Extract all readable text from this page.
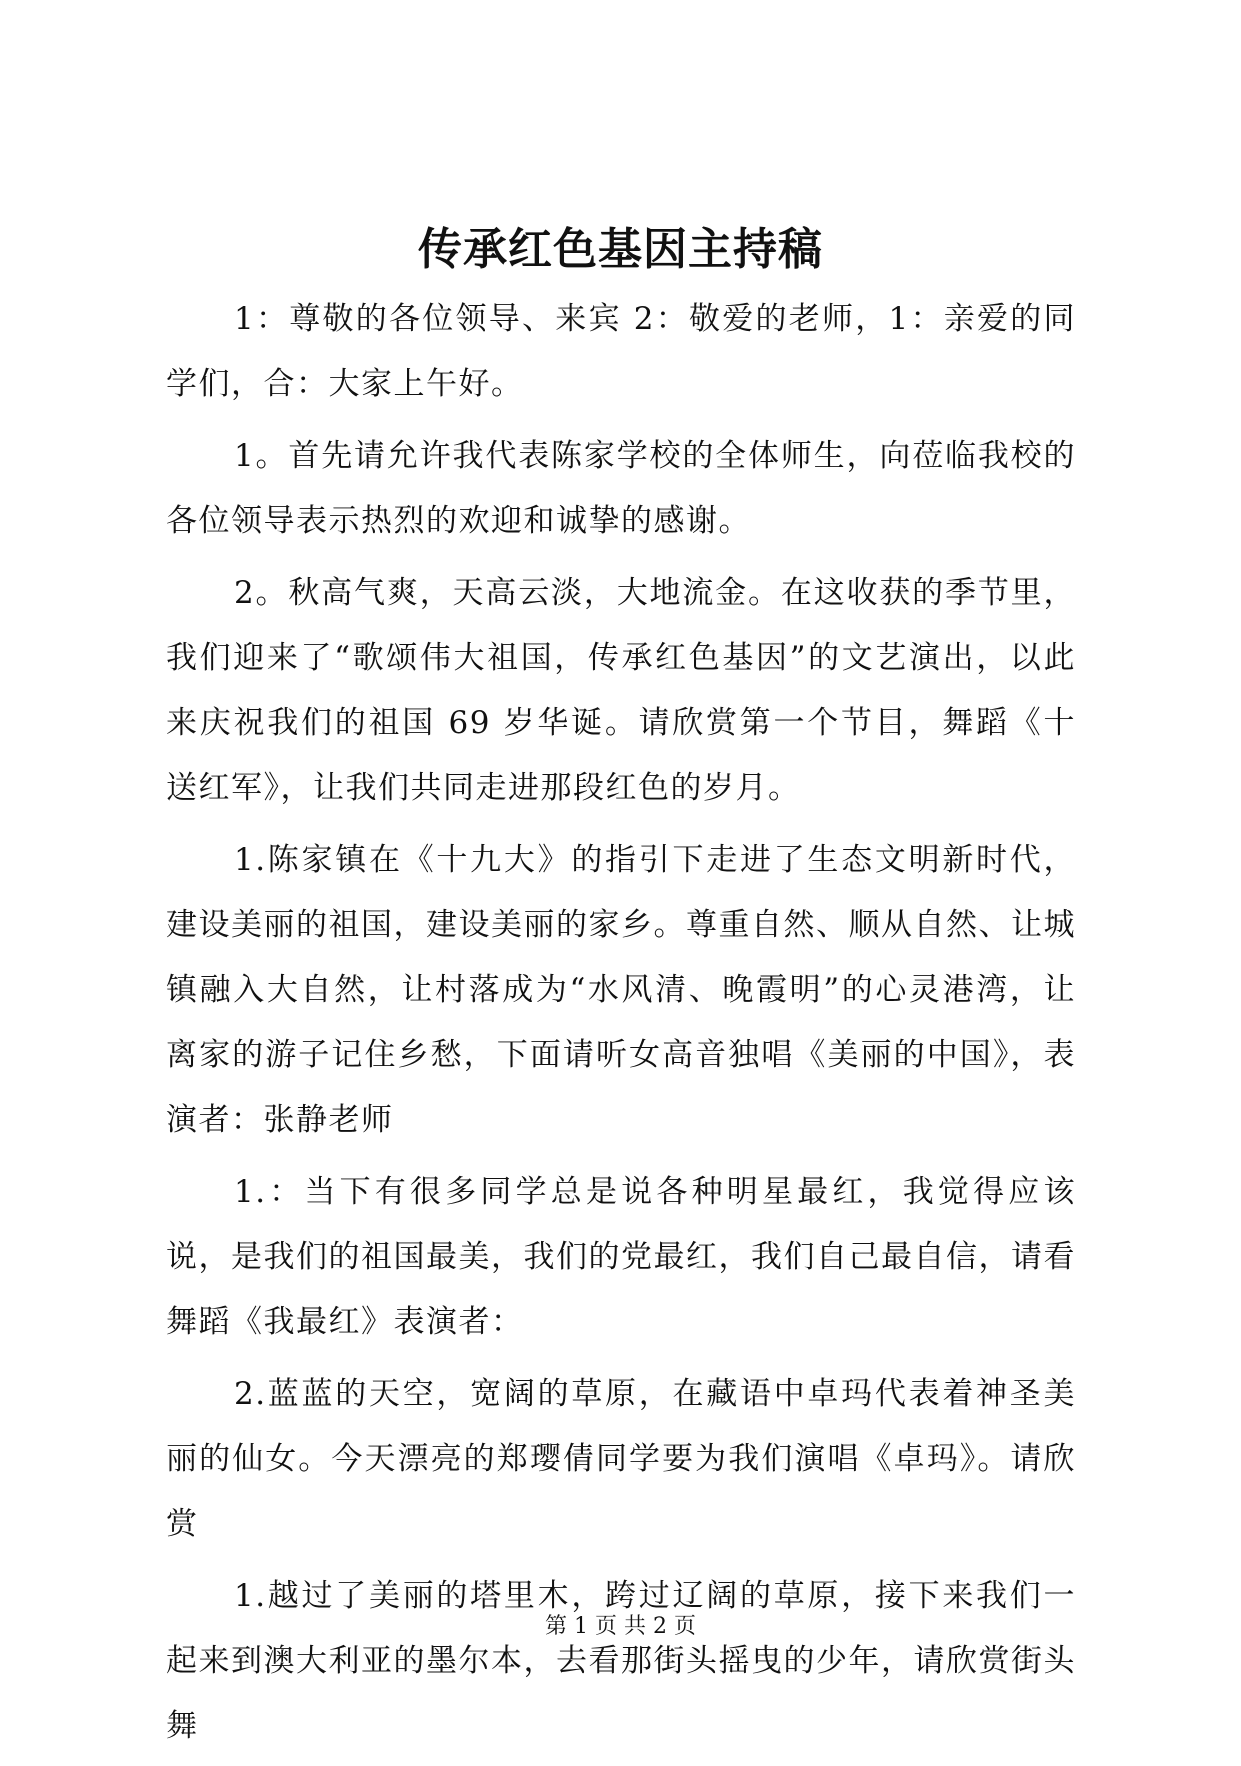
传承红色基因主持稿

1：尊敬的各位领导、来宾 2：敬爱的老师，1：亲爱的同学们，合：大家上午好。

1。首先请允许我代表陈家学校的全体师生，向莅临我校的各位领导表示热烈的欢迎和诚挚的感谢。

2。秋高气爽，天高云淡，大地流金。在这收获的季节里，我们迎来了“歌颂伟大祖国，传承红色基因”的文艺演出，以此来庆祝我们的祖国 69 岁华诞。请欣赏第一个节目，舞蹈《十送红军》，让我们共同走进那段红色的岁月。

1.陈家镇在《十九大》的指引下走进了生态文明新时代，建设美丽的祖国，建设美丽的家乡。尊重自然、顺从自然、让城镇融入大自然，让村落成为“水风清、晚霞明”的心灵港湾，让离家的游子记住乡愁，下面请听女高音独唱《美丽的中国》，表演者：张静老师

1.：当下有很多同学总是说各种明星最红，我觉得应该说，是我们的祖国最美，我们的党最红，我们自己最自信，请看舞蹈《我最红》表演者：

2.蓝蓝的天空，宽阔的草原，在藏语中卓玛代表着神圣美丽的仙女。今天漂亮的郑璎倩同学要为我们演唱《卓玛》。请欣赏

1.越过了美丽的塔里木，跨过辽阔的草原，接下来我们一起来到澳大利亚的墨尔本，去看那街头摇曳的少年，请欣赏街头舞

第 1 页 共 2 页
